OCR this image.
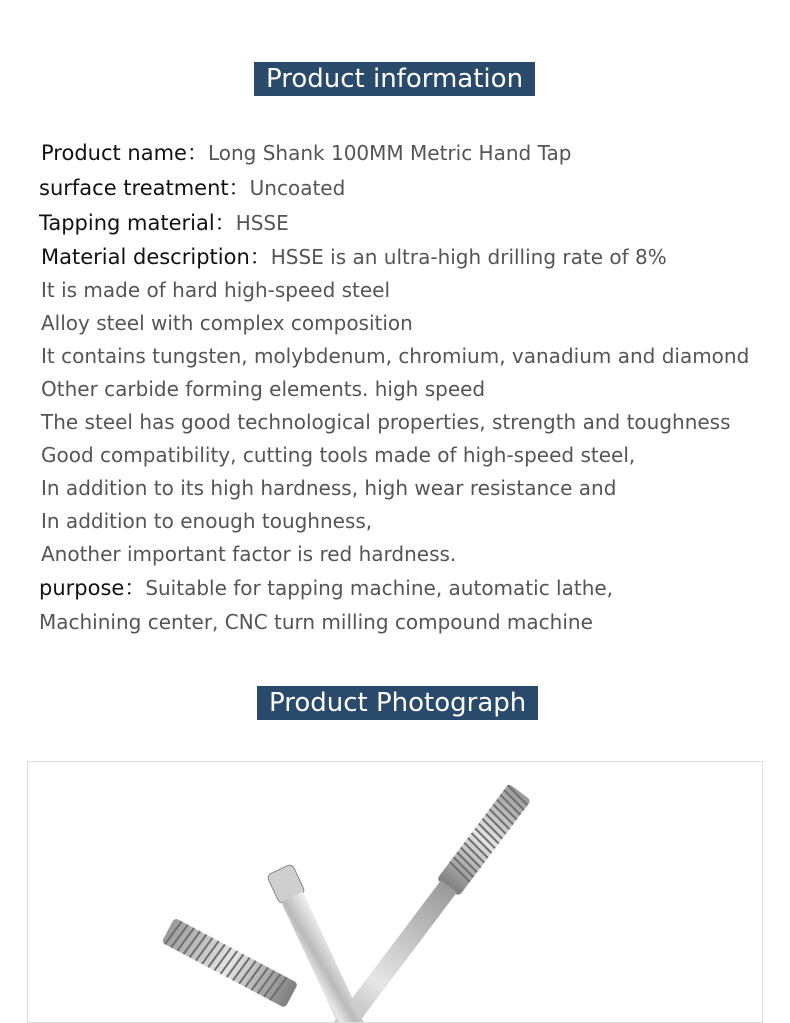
Product information
Product name：Long Shank 100MM Metric Hand Tap
surface treatment：Uncoated
Tapping material：HSSE
Material description：HSSE is an ultra-high drilling rate of 8%
It is made of hard high-speed steel
Alloy steel with complex composition
It contains tungsten, molybdenum, chromium, vanadium and diamond
Other carbide forming elements. high speed
The steel has good technological properties, strength and toughness
Good compatibility, cutting tools made of high-speed steel,
In addition to its high hardness, high wear resistance and
In addition to enough toughness,
Another important factor is red hardness.
purpose：Suitable for tapping machine, automatic lathe,
Machining center, CNC turn milling compound machine
Product Photograph
